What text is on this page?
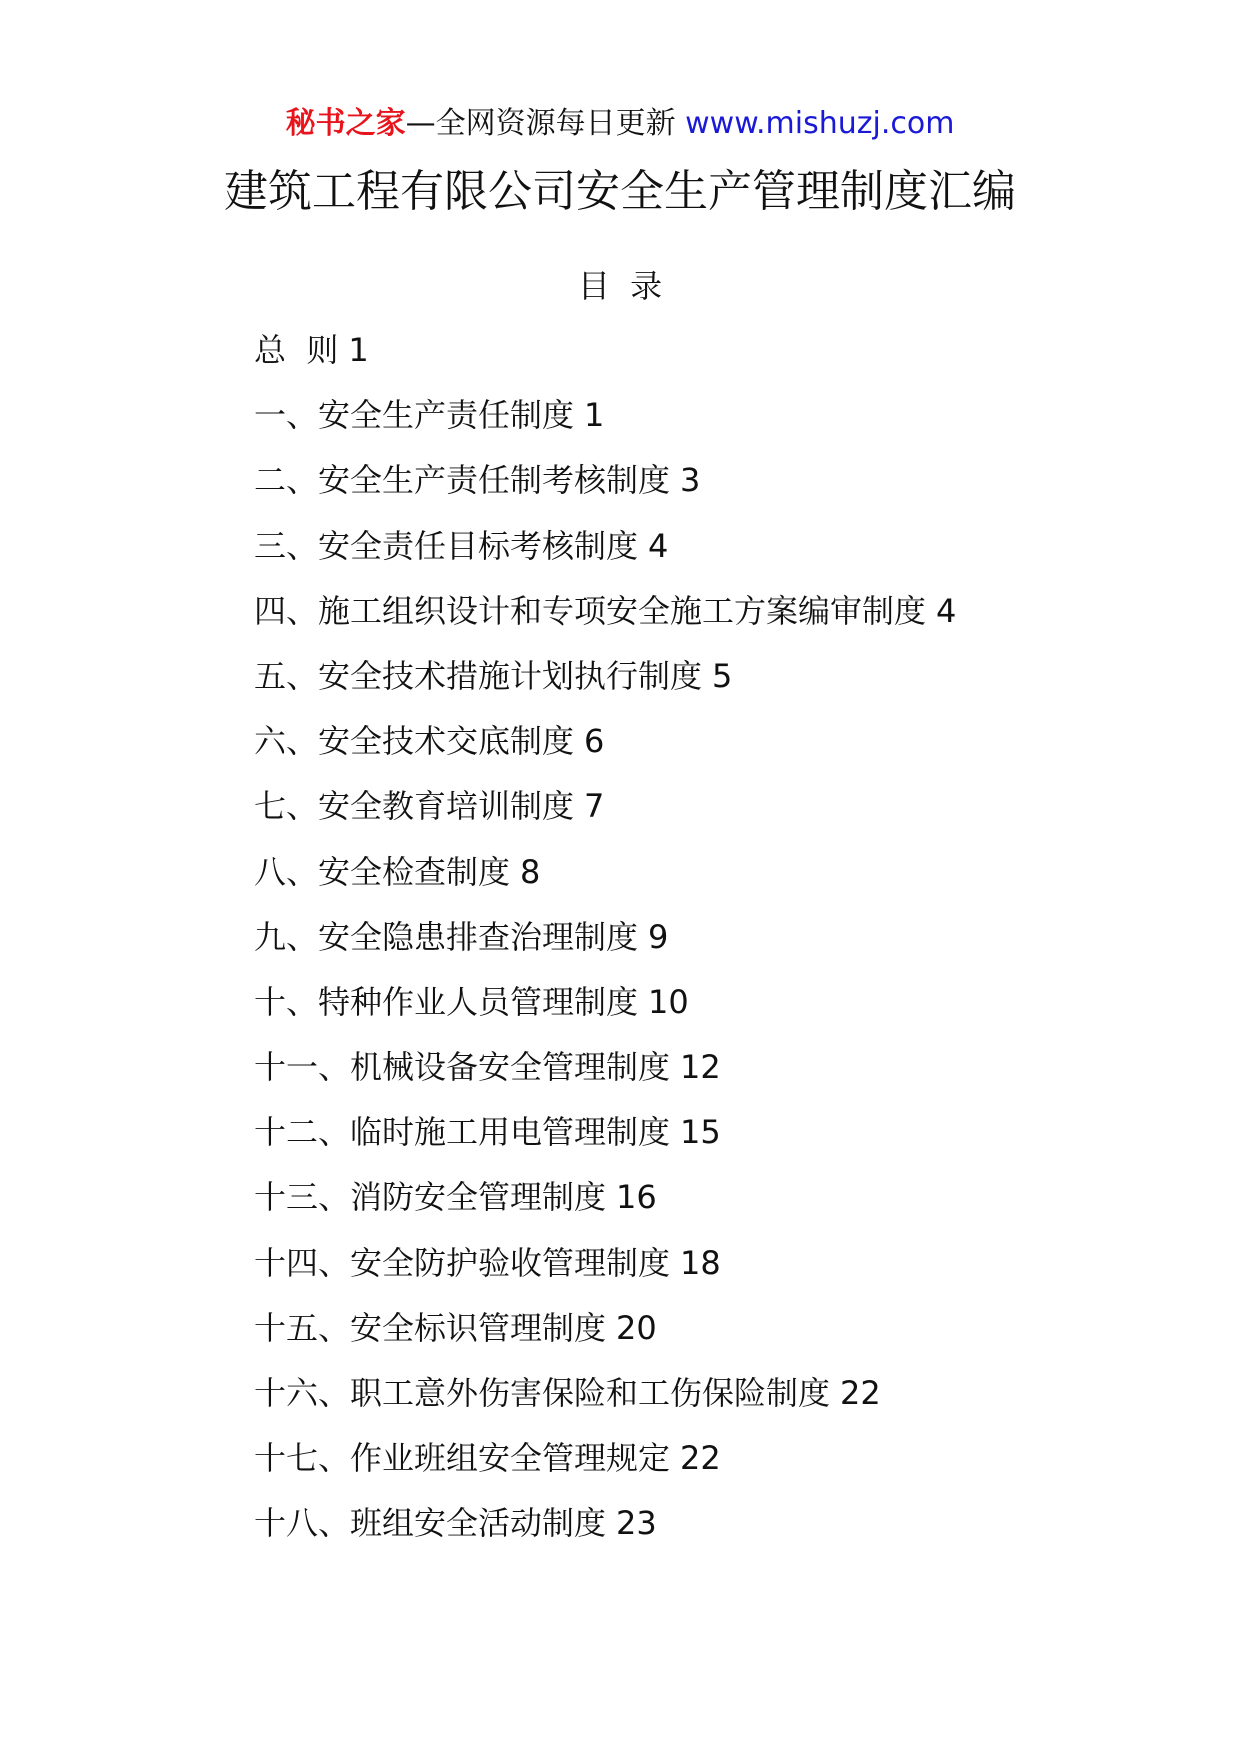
秘书之家—全网资源每日更新 www.mishuzj.com
建筑工程有限公司安全生产管理制度汇编
目  录
总  则 1
一、安全生产责任制度 1
二、安全生产责任制考核制度 3
三、安全责任目标考核制度 4
四、施工组织设计和专项安全施工方案编审制度 4
五、安全技术措施计划执行制度 5
六、安全技术交底制度 6
七、安全教育培训制度 7
八、安全检查制度 8
九、安全隐患排查治理制度 9
十、特种作业人员管理制度 10
十一、机械设备安全管理制度 12
十二、临时施工用电管理制度 15
十三、消防安全管理制度 16
十四、安全防护验收管理制度 18
十五、安全标识管理制度 20
十六、职工意外伤害保险和工伤保险制度 22
十七、作业班组安全管理规定 22
十八、班组安全活动制度 23
